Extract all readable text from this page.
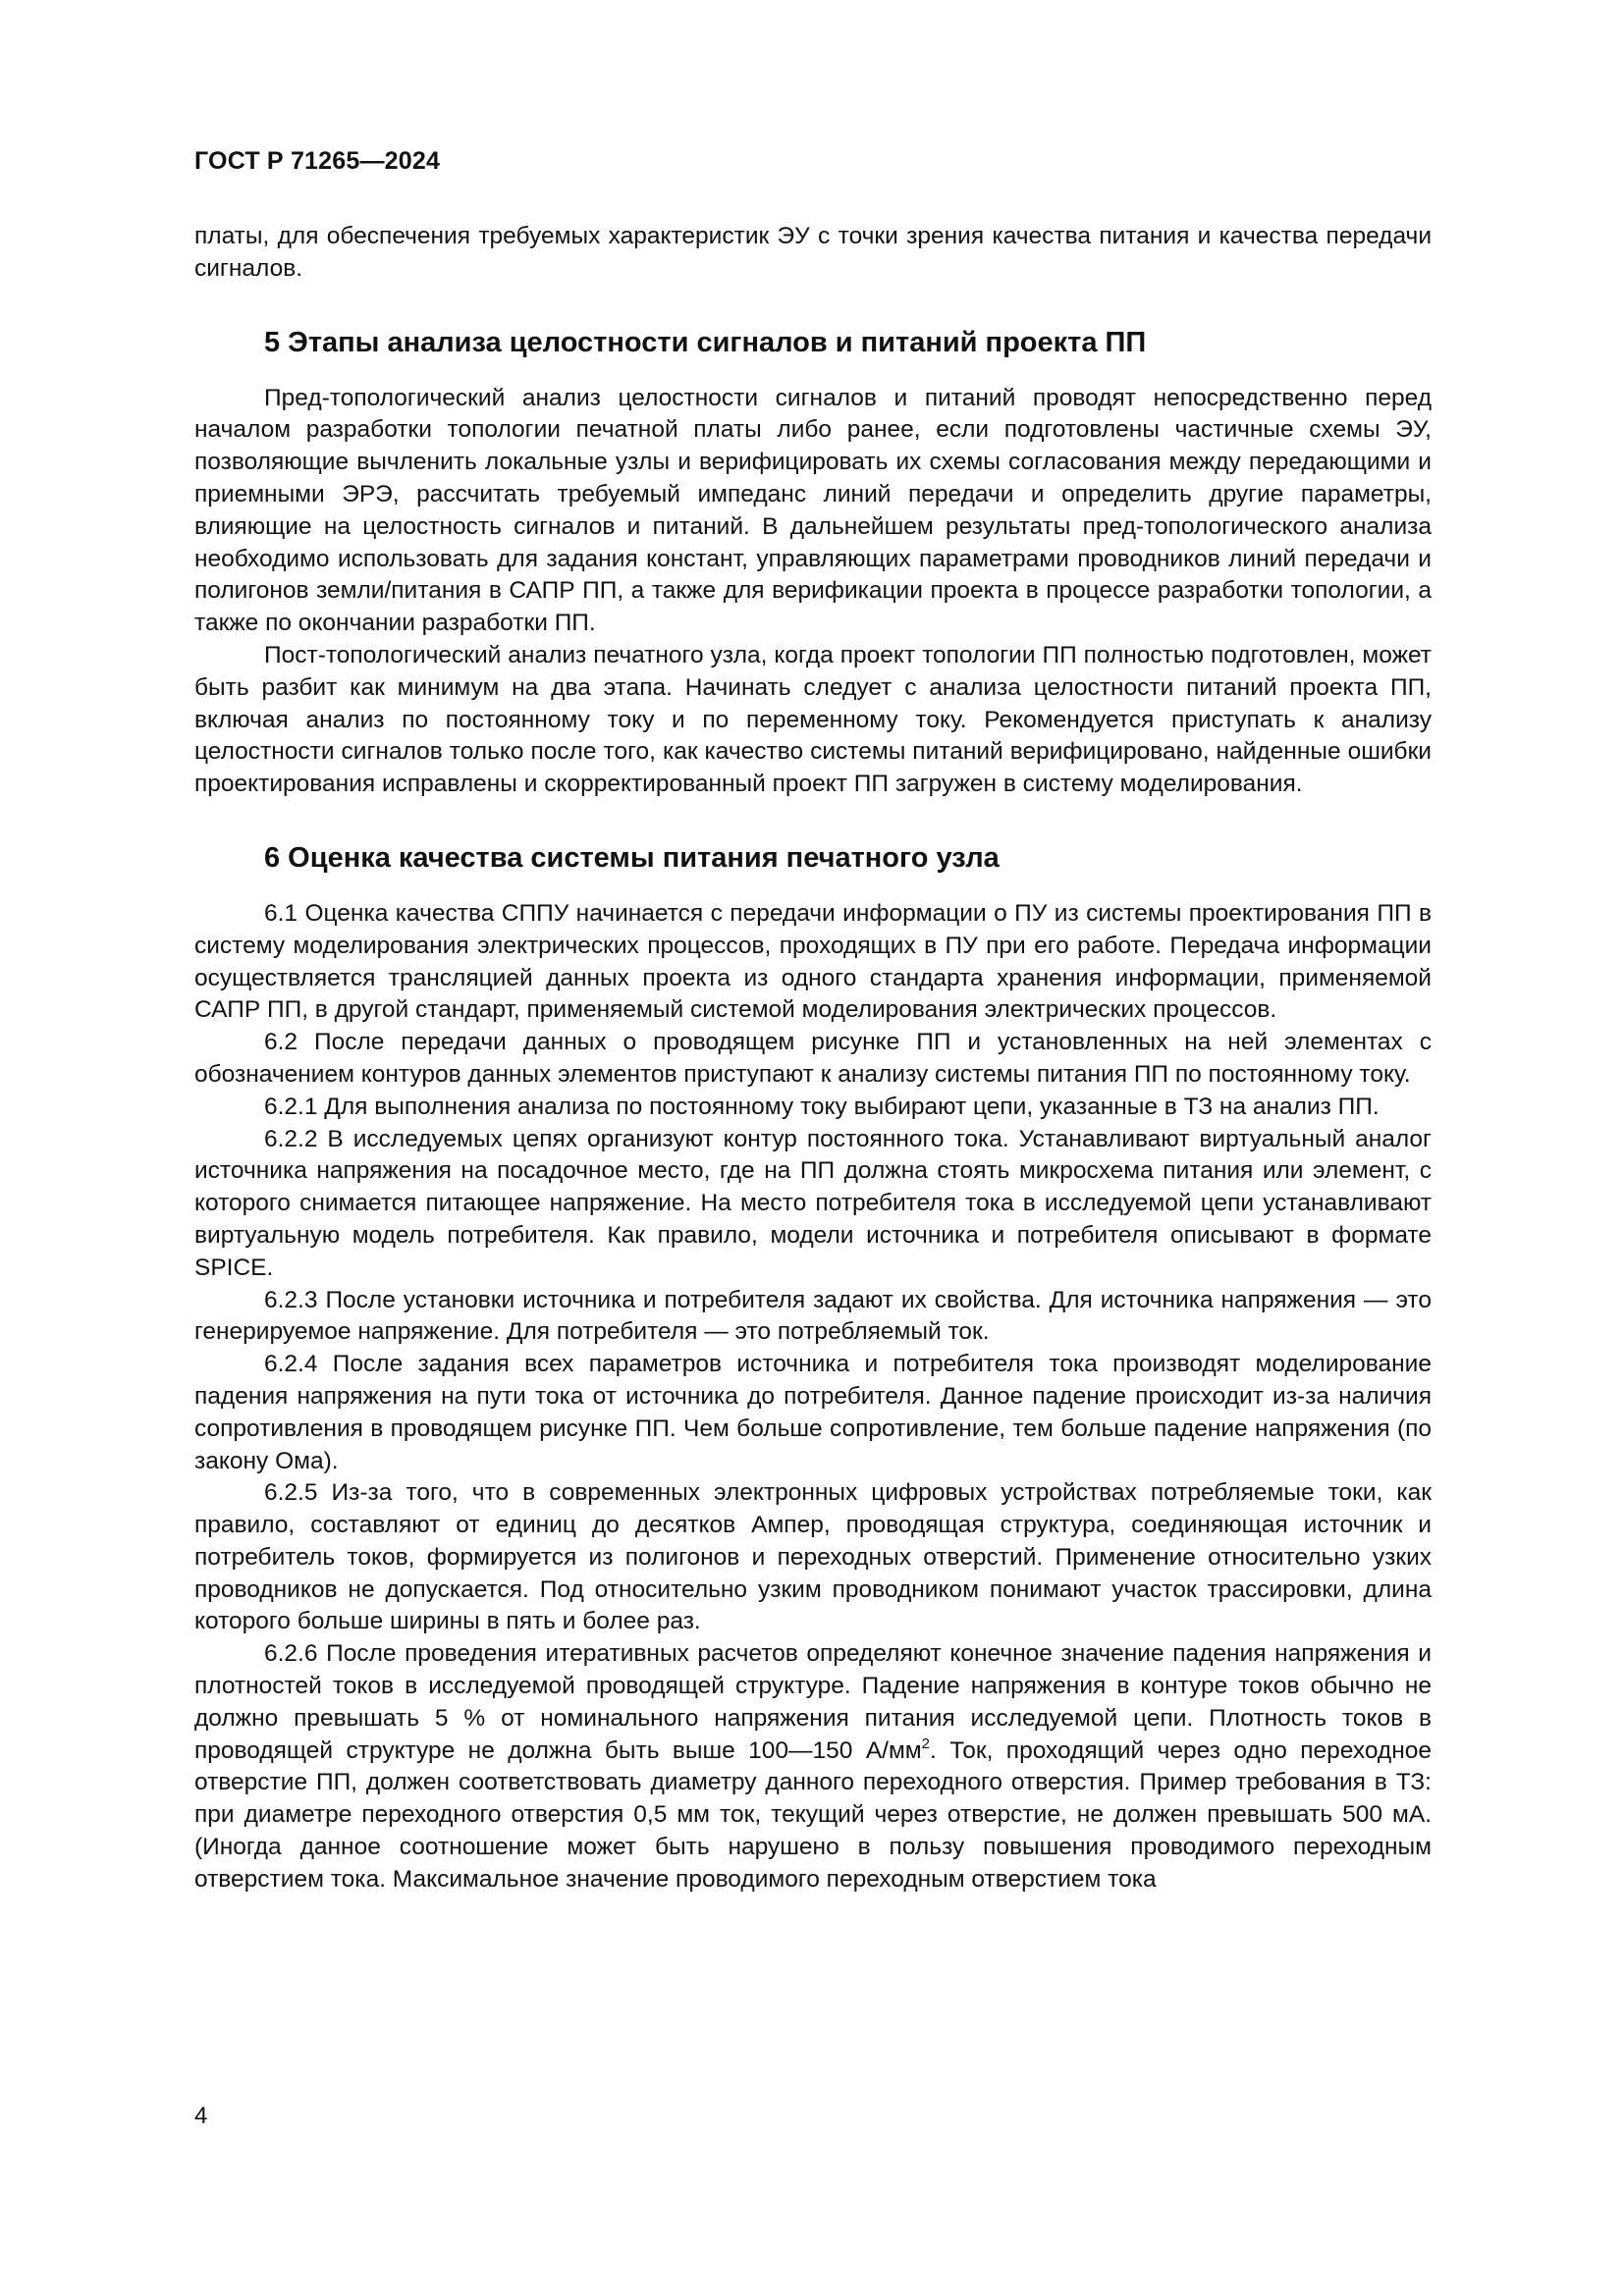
ГОСТ Р 71265—2024

платы, для обеспечения требуемых характеристик ЭУ с точки зрения качества питания и качества передачи сигналов.

5 Этапы анализа целостности сигналов и питаний проекта ПП

Пред-топологический анализ целостности сигналов и питаний проводят непосредственно перед началом разработки топологии печатной платы либо ранее, если подготовлены частичные схемы ЭУ, позволяющие вычленить локальные узлы и верифицировать их схемы согласования между передающими и приемными ЭРЭ, рассчитать требуемый импеданс линий передачи и определить другие параметры, влияющие на целостность сигналов и питаний. В дальнейшем результаты пред-топологического анализа необходимо использовать для задания констант, управляющих параметрами проводников линий передачи и полигонов земли/питания в САПР ПП, а также для верификации проекта в процессе разработки топологии, а также по окончании разработки ПП.

Пост-топологический анализ печатного узла, когда проект топологии ПП полностью подготовлен, может быть разбит как минимум на два этапа. Начинать следует с анализа целостности питаний проекта ПП, включая анализ по постоянному току и по переменному току. Рекомендуется приступать к анализу целостности сигналов только после того, как качество системы питаний верифицировано, найденные ошибки проектирования исправлены и скорректированный проект ПП загружен в систему моделирования.

6 Оценка качества системы питания печатного узла

6.1 Оценка качества СППУ начинается с передачи информации о ПУ из системы проектирования ПП в систему моделирования электрических процессов, проходящих в ПУ при его работе. Передача информации осуществляется трансляцией данных проекта из одного стандарта хранения информации, применяемой САПР ПП, в другой стандарт, применяемый системой моделирования электрических процессов.

6.2 После передачи данных о проводящем рисунке ПП и установленных на ней элементах с обозначением контуров данных элементов приступают к анализу системы питания ПП по постоянному току.

6.2.1 Для выполнения анализа по постоянному току выбирают цепи, указанные в ТЗ на анализ ПП.

6.2.2 В исследуемых цепях организуют контур постоянного тока. Устанавливают виртуальный аналог источника напряжения на посадочное место, где на ПП должна стоять микросхема питания или элемент, с которого снимается питающее напряжение. На место потребителя тока в исследуемой цепи устанавливают виртуальную модель потребителя. Как правило, модели источника и потребителя описывают в формате SPICE.

6.2.3 После установки источника и потребителя задают их свойства. Для источника напряжения — это генерируемое напряжение. Для потребителя — это потребляемый ток.

6.2.4 После задания всех параметров источника и потребителя тока производят моделирование падения напряжения на пути тока от источника до потребителя. Данное падение происходит из-за наличия сопротивления в проводящем рисунке ПП. Чем больше сопротивление, тем больше падение напряжения (по закону Ома).

6.2.5 Из-за того, что в современных электронных цифровых устройствах потребляемые токи, как правило, составляют от единиц до десятков Ампер, проводящая структура, соединяющая источник и потребитель токов, формируется из полигонов и переходных отверстий. Применение относительно узких проводников не допускается. Под относительно узким проводником понимают участок трассировки, длина которого больше ширины в пять и более раз.

6.2.6 После проведения итеративных расчетов определяют конечное значение падения напряжения и плотностей токов в исследуемой проводящей структуре. Падение напряжения в контуре токов обычно не должно превышать 5 % от номинального напряжения питания исследуемой цепи. Плотность токов в проводящей структуре не должна быть выше 100—150 $А/мм^2$. Ток, проходящий через одно переходное отверстие ПП, должен соответствовать диаметру данного переходного отверстия. Пример требования в ТЗ: при диаметре переходного отверстия 0,5 мм ток, текущий через отверстие, не должен превышать 500 мА. (Иногда данное соотношение может быть нарушено в пользу повышения проводимого переходным отверстием тока. Максимальное значение проводимого переходным отверстием тока

4
